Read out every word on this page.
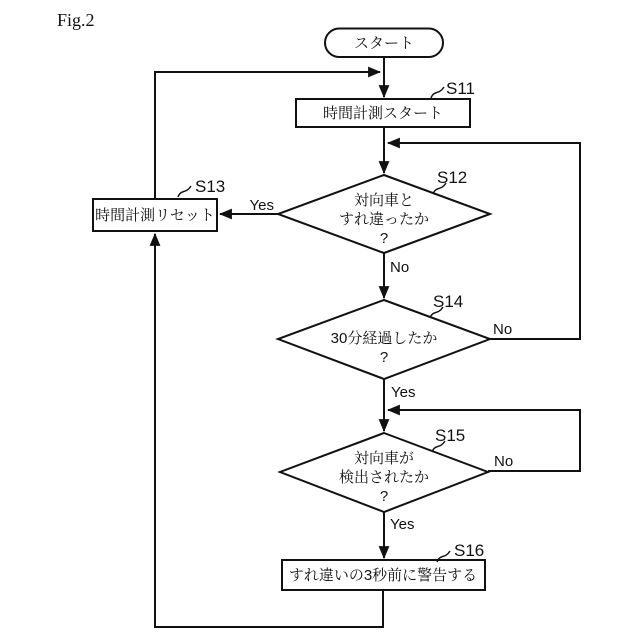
Fig.2
スタート
時間計測スタート
S11
対向車と
すれ違ったか
?
S12
Yes
No
時間計測リセット
S13
30分経過したか
?
S14
No
Yes
対向車が
検出されたか
?
S15
No
Yes
すれ違いの3秒前に警告する
S16
